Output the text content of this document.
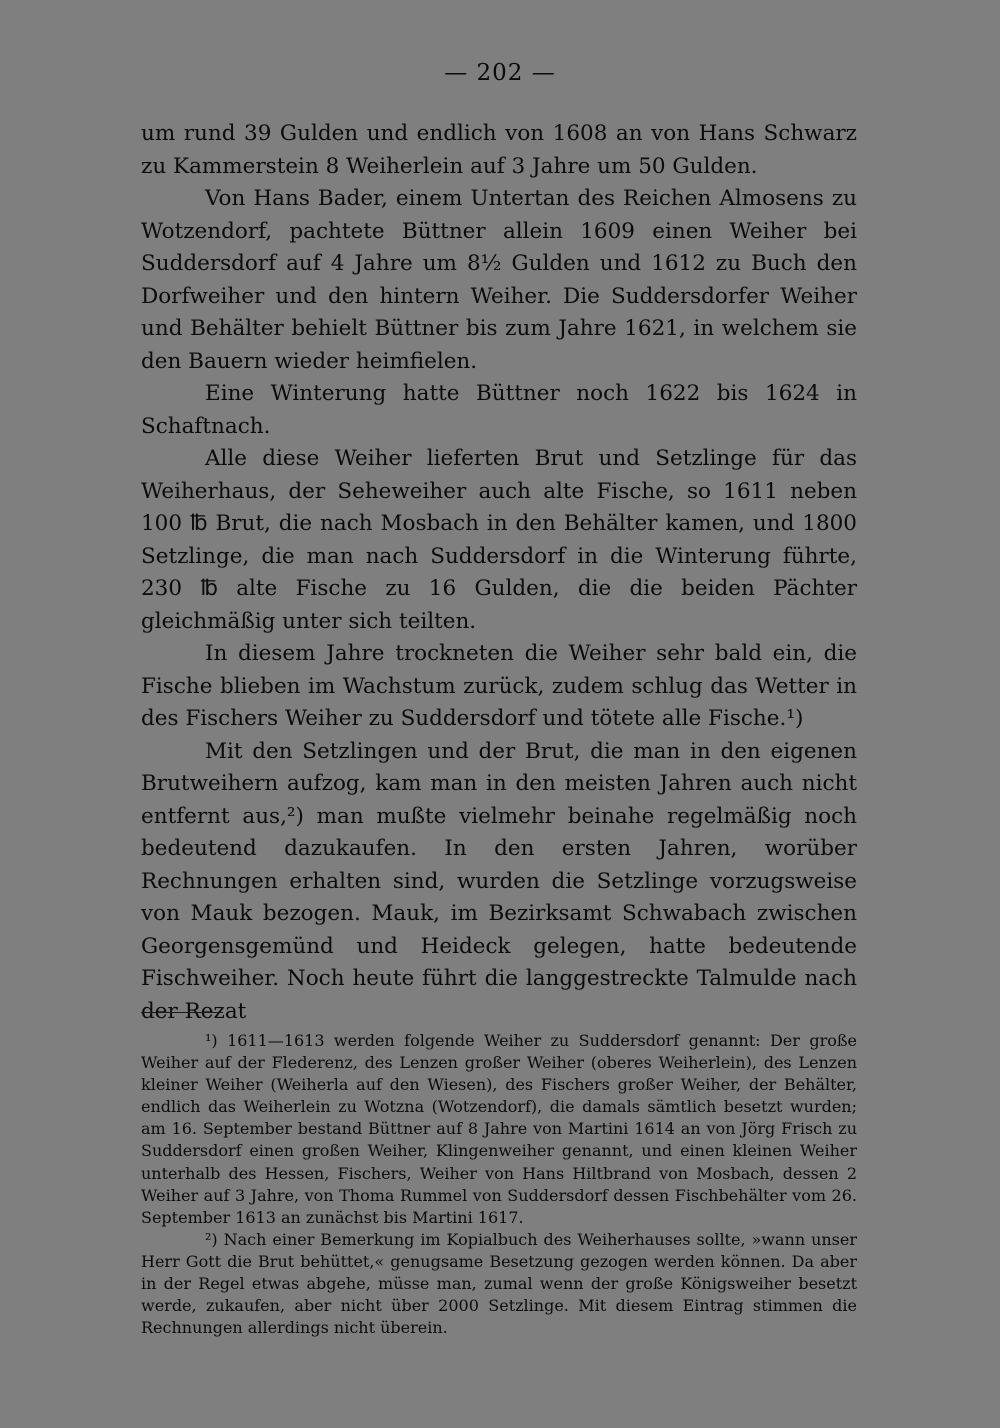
— 202 —

um rund 39 Gulden und endlich von 1608 an von Hans Schwarz zu Kammerstein 8 Weiherlein auf 3 Jahre um 50 Gulden.

Von Hans Bader, einem Untertan des Reichen Almosens zu Wotzendorf, pachtete Büttner allein 1609 einen Weiher bei Suddersdorf auf 4 Jahre um 8½ Gulden und 1612 zu Buch den Dorfweiher und den hintern Weiher. Die Suddersdorfer Weiher und Behälter behielt Büttner bis zum Jahre 1621, in welchem sie den Bauern wieder heimfielen.

Eine Winterung hatte Büttner noch 1622 bis 1624 in Schaftnach.

Alle diese Weiher lieferten Brut und Setzlinge für das Weiherhaus, der Seheweiher auch alte Fische, so 1611 neben 100 ℔ Brut, die nach Mosbach in den Behälter kamen, und 1800 Setzlinge, die man nach Suddersdorf in die Winterung führte, 230 ℔ alte Fische zu 16 Gulden, die die beiden Pächter gleichmäßig unter sich teilten.

In diesem Jahre trockneten die Weiher sehr bald ein, die Fische blieben im Wachstum zurück, zudem schlug das Wetter in des Fischers Weiher zu Suddersdorf und tötete alle Fische.¹)

Mit den Setzlingen und der Brut, die man in den eigenen Brutweihern aufzog, kam man in den meisten Jahren auch nicht entfernt aus,²) man mußte vielmehr beinahe regelmäßig noch bedeutend dazukaufen. In den ersten Jahren, worüber Rechnungen erhalten sind, wurden die Setzlinge vorzugsweise von Mauk bezogen. Mauk, im Bezirksamt Schwabach zwischen Georgensgemünd und Heideck gelegen, hatte bedeutende Fischweiher. Noch heute führt die langgestreckte Talmulde nach der Rezat

¹) 1611—1613 werden folgende Weiher zu Suddersdorf genannt: Der große Weiher auf der Flederenz, des Lenzen großer Weiher (oberes Weiherlein), des Lenzen kleiner Weiher (Weiherla auf den Wiesen), des Fischers großer Weiher, der Behälter, endlich das Weiherlein zu Wotzna (Wotzendorf), die damals sämtlich besetzt wurden; am 16. September bestand Büttner auf 8 Jahre von Martini 1614 an von Jörg Frisch zu Suddersdorf einen großen Weiher, Klingenweiher genannt, und einen kleinen Weiher unterhalb des Hessen, Fischers, Weiher von Hans Hiltbrand von Mosbach, dessen 2 Weiher auf 3 Jahre, von Thoma Rummel von Suddersdorf dessen Fischbehälter vom 26. September 1613 an zunächst bis Martini 1617.

²) Nach einer Bemerkung im Kopialbuch des Weiherhauses sollte, »wann unser Herr Gott die Brut behüttet,« genugsame Besetzung gezogen werden können. Da aber in der Regel etwas abgehe, müsse man, zumal wenn der große Königsweiher besetzt werde, zukaufen, aber nicht über 2000 Setzlinge. Mit diesem Eintrag stimmen die Rechnungen allerdings nicht überein.
